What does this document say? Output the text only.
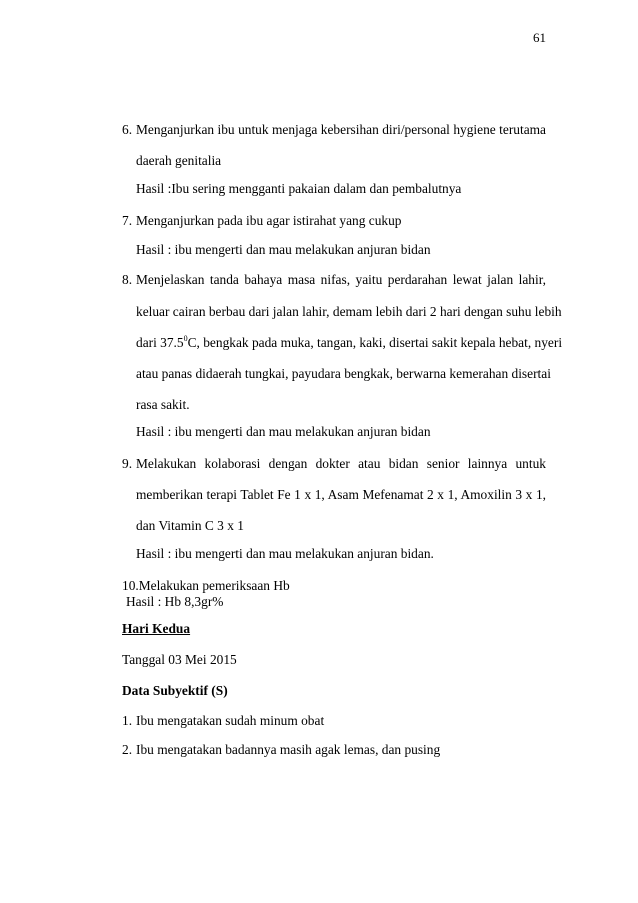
61
6. Menganjurkan ibu untuk menjaga kebersihan diri/personal hygiene terutama
daerah genitalia
Hasil :Ibu sering mengganti pakaian dalam dan pembalutnya
7. Menganjurkan pada ibu agar istirahat yang cukup
Hasil : ibu mengerti dan mau melakukan anjuran bidan
8. Menjelaskan tanda bahaya masa nifas, yaitu perdarahan lewat jalan lahir,
keluar cairan berbau dari jalan lahir, demam lebih dari 2 hari dengan suhu lebih
dari 37.5$^0$C, bengkak pada muka, tangan, kaki, disertai sakit kepala hebat, nyeri
atau panas didaerah tungkai, payudara bengkak, berwarna kemerahan disertai
rasa sakit.
Hasil : ibu mengerti dan mau melakukan anjuran bidan
9. Melakukan kolaborasi dengan dokter atau bidan senior lainnya untuk
memberikan terapi Tablet Fe 1 x 1, Asam Mefenamat 2 x 1, Amoxilin 3 x 1,
dan Vitamin C 3 x 1
Hasil : ibu mengerti dan mau melakukan anjuran bidan.
10.Melakukan pemeriksaan Hb
Hasil : Hb 8,3gr%
Hari Kedua
Tanggal 03 Mei 2015
Data Subyektif (S)
1. Ibu mengatakan sudah minum obat
2. Ibu mengatakan badannya masih agak lemas, dan pusing
